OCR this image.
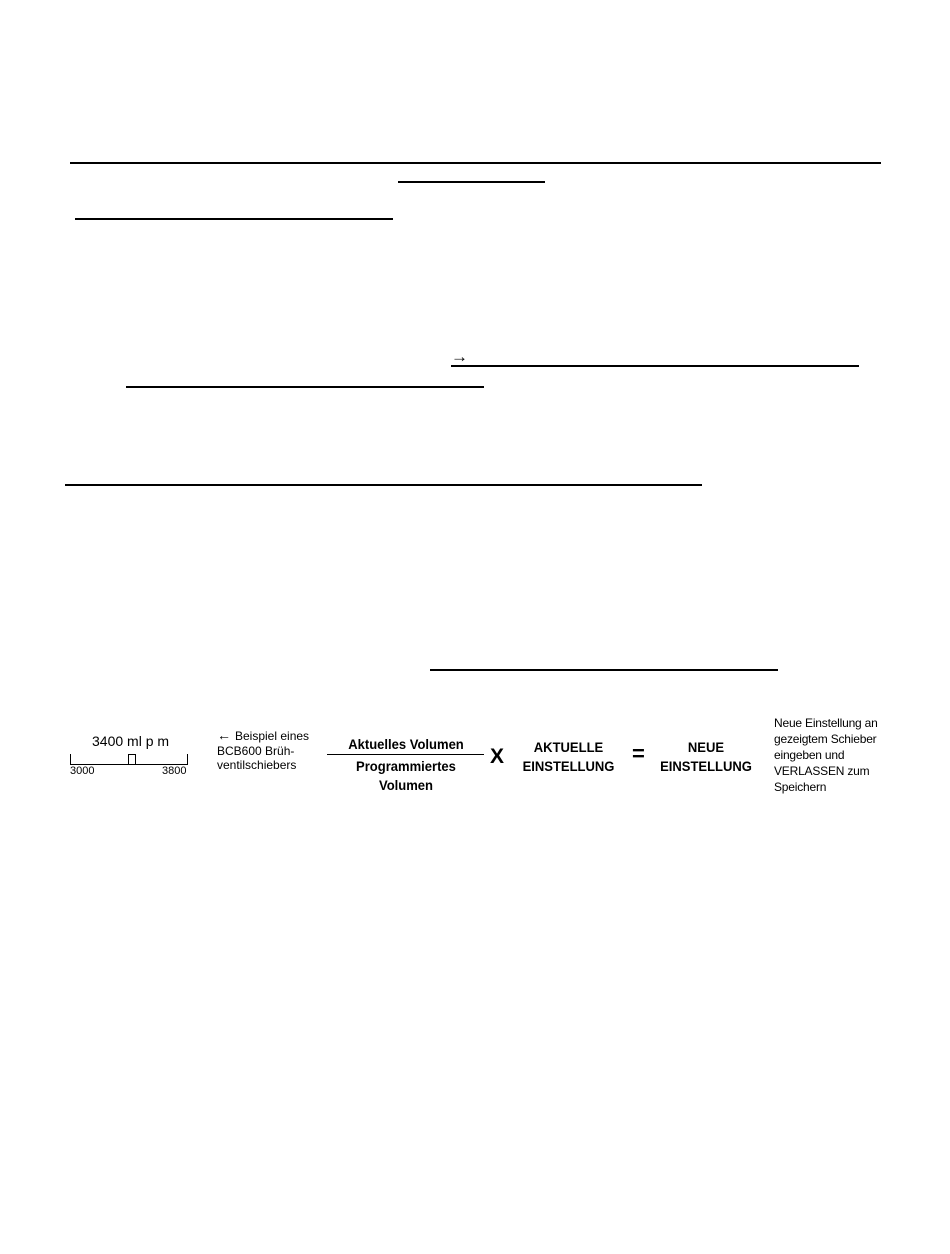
→
3400 ml p m
3000	3800
← Beispiel eines
BCB600 Brüh-
ventilschiebers
Aktuelles Volumen
Programmiertes
Volumen
X	AKTUELLE
EINSTELLUNG =	NEUE
EINSTELLUNG
Neue Einstellung an
gezeigtem Schieber
eingeben und
VERLASSEN zum
Speichern
